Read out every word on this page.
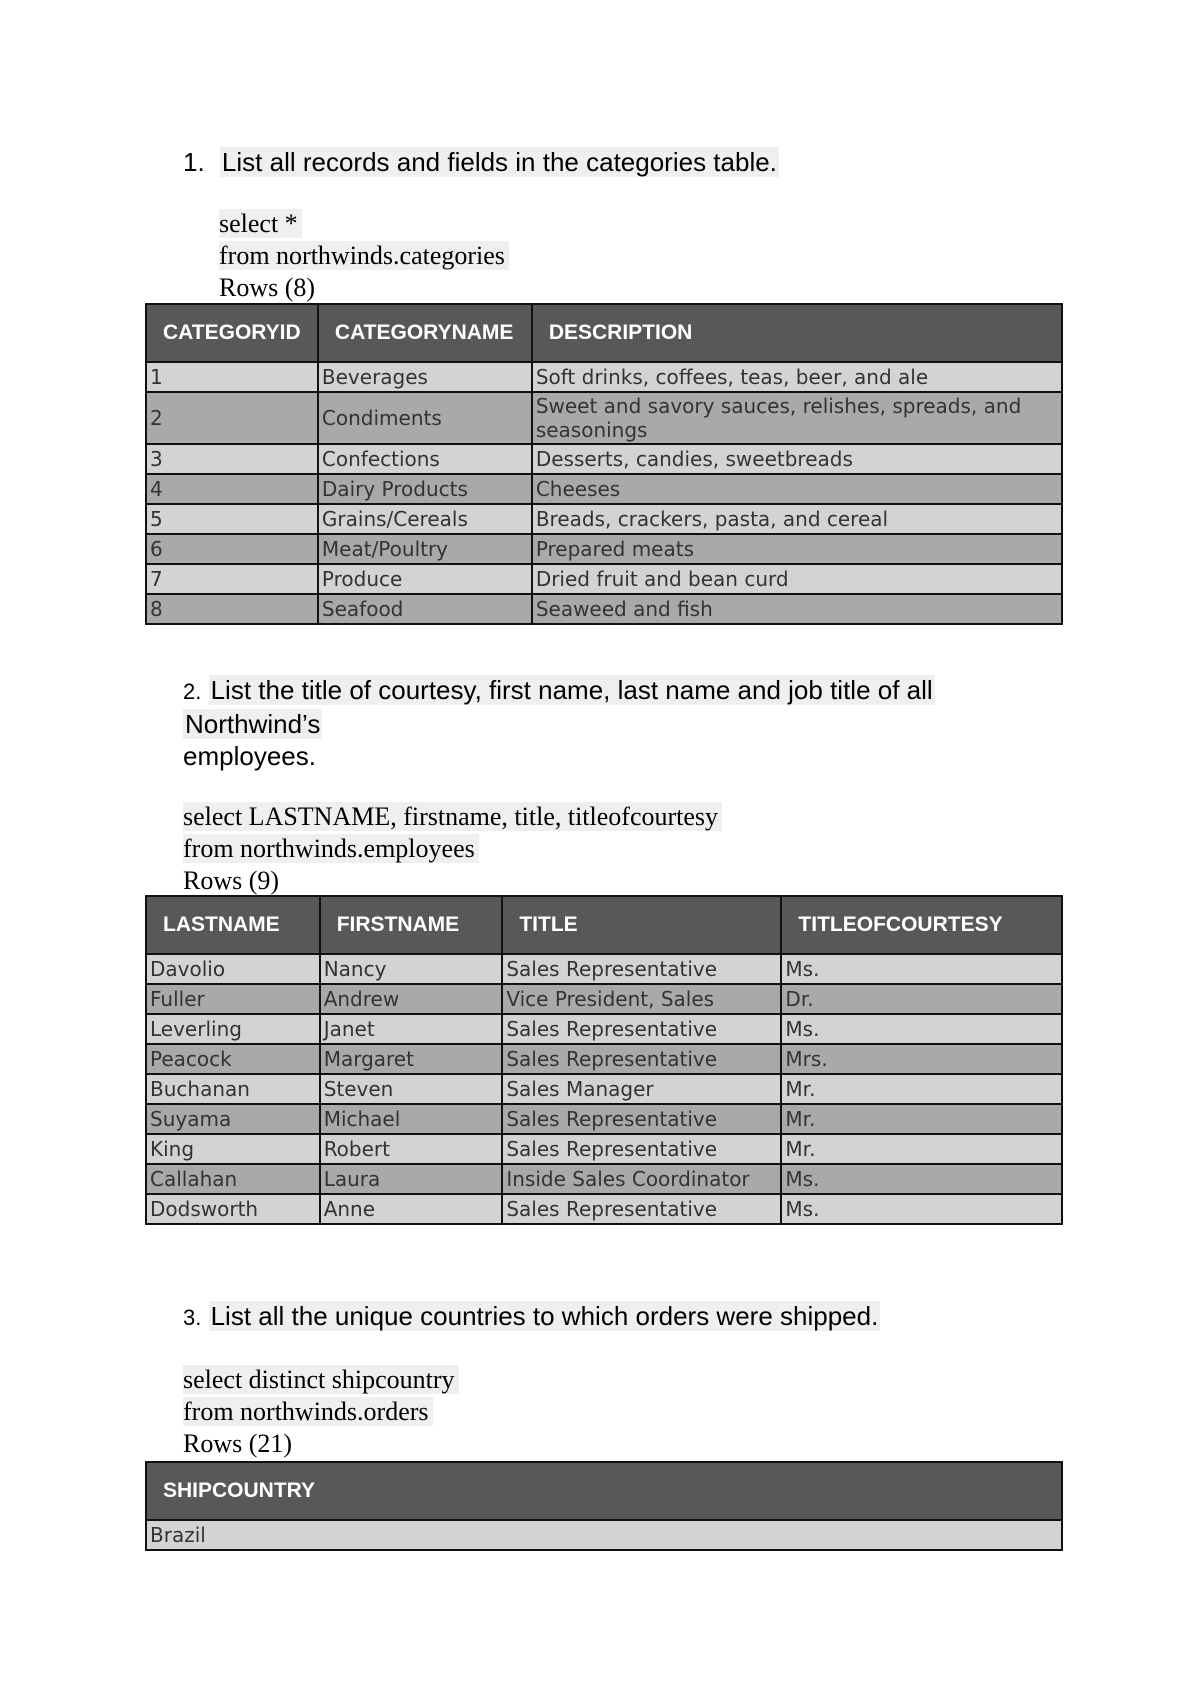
1. List all records and fields in the categories table.
select *
from northwinds.categories
Rows (8)
CATEGORYID	CATEGORYNAME	DESCRIPTION
1	Beverages	Soft drinks, coffees, teas, beer, and ale
2	Condiments	Sweet and savory sauces, relishes, spreads, and seasonings
3	Confections	Desserts, candies, sweetbreads
4	Dairy Products	Cheeses
5	Grains/Cereals	Breads, crackers, pasta, and cereal
6	Meat/Poultry	Prepared meats
7	Produce	Dried fruit and bean curd
8	Seafood	Seaweed and fish
2. List the title of courtesy, first name, last name and job title of all
Northwind’s
employees.
select LASTNAME, firstname, title, titleofcourtesy
from northwinds.employees
Rows (9)
LASTNAME	FIRSTNAME	TITLE	TITLEOFCOURTESY
Davolio	Nancy	Sales Representative	Ms.
Fuller	Andrew	Vice President, Sales	Dr.
Leverling	Janet	Sales Representative	Ms.
Peacock	Margaret	Sales Representative	Mrs.
Buchanan	Steven	Sales Manager	Mr.
Suyama	Michael	Sales Representative	Mr.
King	Robert	Sales Representative	Mr.
Callahan	Laura	Inside Sales Coordinator	Ms.
Dodsworth	Anne	Sales Representative	Ms.
3. List all the unique countries to which orders were shipped.
select distinct shipcountry
from northwinds.orders
Rows (21)
SHIPCOUNTRY
Brazil
